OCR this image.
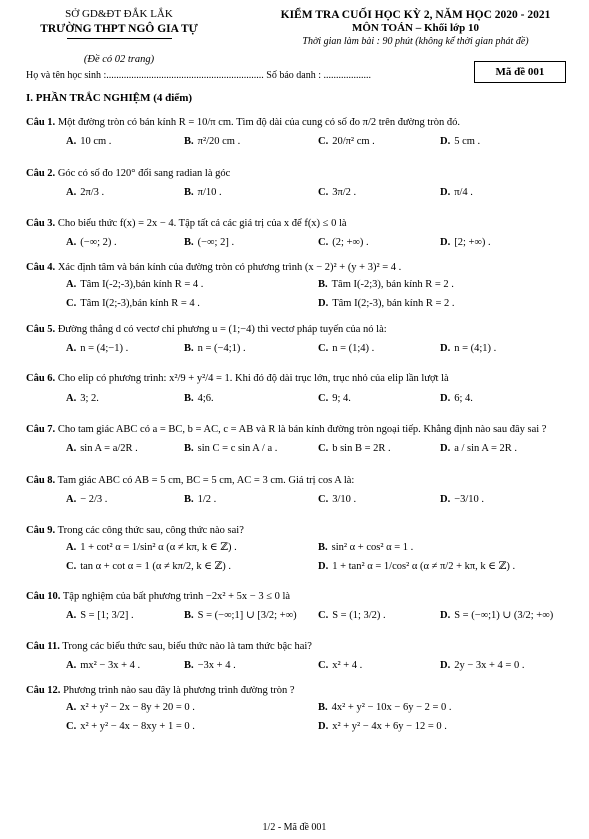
SỞ GD&ĐT ĐẮK LẮK
TRƯỜNG THPT NGÔ GIA TỰ
(Đề có 02 trang)
KIỂM TRA CUỐI HỌC KỲ 2, NĂM HỌC 2020 - 2021
MÔN TOÁN – Khối lớp 10
Thời gian làm bài : 90 phút (không kể thời gian phát đề)
Họ và tên học sinh :............................................................... Số báo danh : ...................	Mã đề 001
I. PHẦN TRẮC NGHIỆM (4 điểm)
Câu 1. Một đường tròn có bán kính R = 10/π cm. Tìm độ dài của cung có số đo π/2 trên đường tròn đó.
A. 10 cm .	B. π²/20 cm .	C. 20/π² cm .	D. 5 cm .
Câu 2. Góc có số đo 120° đổi sang radian là góc
A. 2π/3 .	B. π/10 .	C. 3π/2 .	D. π/4 .
Câu 3. Cho biểu thức f(x) = 2x − 4. Tập tất cả các giá trị của x để f(x) ≤ 0 là
A. (−∞; 2) .	B. (−∞; 2] .	C. (2; +∞) .	D. [2; +∞) .
Câu 4. Xác định tâm và bán kính của đường tròn có phương trình (x − 2)² + (y + 3)² = 4 .
A. Tâm I(-2;-3),bán kính R = 4 .	B. Tâm I(-2;3), bán kính R = 2 .
C. Tâm I(2;-3),bán kính R = 4 .	D. Tâm I(2;-3), bán kính R = 2 .
Câu 5. Đường thẳng d có vectơ chỉ phương u = (1;−4) thì vectơ pháp tuyến của nó là:
A. n = (4;−1) .	B. n = (−4;1) .	C. n = (1;4) .	D. n = (4;1) .
Câu 6. Cho elip có phương trình: x²/9 + y²/4 = 1. Khi đó độ dài trục lớn, trục nhỏ của elip lần lượt là
A. 3; 2.	B. 4;6.	C. 9; 4.	D. 6; 4.
Câu 7. Cho tam giác ABC có a = BC, b = AC, c = AB và R là bán kính đường tròn ngoại tiếp. Khẳng định nào sau đây sai ?
A. sin A = a/2R .	B. sin C = c sin A / a .	C. b sin B = 2R .	D. a / sin A = 2R .
Câu 8. Tam giác ABC có AB = 5 cm, BC = 5 cm, AC = 3 cm. Giá trị cos A là:
A. − 2/3 .	B. 1/2 .	C. 3/10 .	D. −3/10 .
Câu 9. Trong các công thức sau, công thức nào sai?
A. 1 + cot² α = 1/sin² α (α ≠ kπ, k ∈ ℤ) .	B. sin² α + cos² α = 1 .
C. tan α + cot α = 1 (α ≠ kπ/2, k ∈ ℤ) .	D. 1 + tan² α = 1/cos² α (α ≠ π/2 + kπ, k ∈ ℤ) .
Câu 10. Tập nghiệm của bất phương trình −2x² + 5x − 3 ≤ 0 là
A. S = [1; 3/2] .	B. S = (−∞;1] ∪ [3/2; +∞) C. S = (1; 3/2) .	D. S = (−∞;1) ∪ (3/2; +∞)
Câu 11. Trong các biểu thức sau, biểu thức nào là tam thức bậc hai?
A. mx² − 3x + 4 .	B. −3x + 4 .	C. x² + 4 .	D. 2y − 3x + 4 = 0 .
Câu 12. Phương trình nào sau đây là phương trình đường tròn ?
A. x² + y² − 2x − 8y + 20 = 0 .	B. 4x² + y² − 10x − 6y − 2 = 0 .
C. x² + y² − 4x − 8xy + 1 = 0 .	D. x² + y² − 4x + 6y − 12 = 0 .
1/2 - Mã đề 001
